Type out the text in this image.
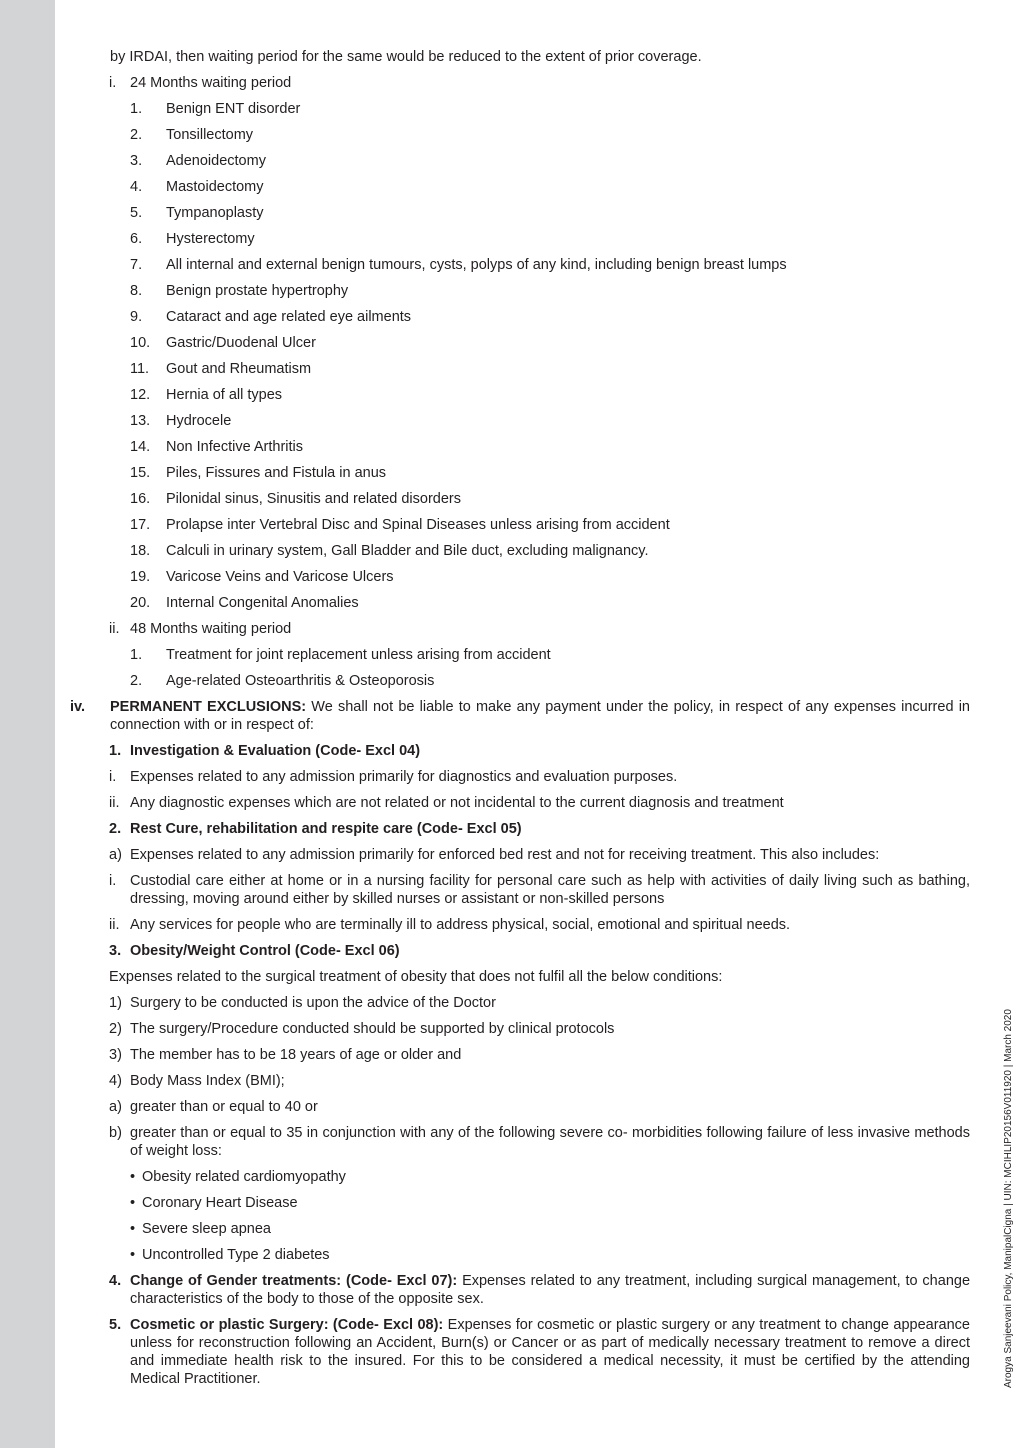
by IRDAI, then waiting period for the same would be reduced to the extent of prior coverage.
i. 24 Months waiting period
1.	Benign ENT disorder
2.	Tonsillectomy
3.	Adenoidectomy
4.	Mastoidectomy
5.	Tympanoplasty
6.	Hysterectomy
7.	All internal and external benign tumours, cysts, polyps of any kind, including benign breast lumps
8.	Benign prostate hypertrophy
9.	Cataract and age related eye ailments
10.	Gastric/Duodenal Ulcer
11.	Gout and Rheumatism
12.	Hernia of all types
13.	Hydrocele
14.	Non Infective Arthritis
15.	Piles, Fissures and Fistula in anus
16.	Pilonidal sinus, Sinusitis and related disorders
17.	Prolapse inter Vertebral Disc and Spinal Diseases unless arising from accident
18.	Calculi in urinary system, Gall Bladder and Bile duct, excluding malignancy.
19.	Varicose Veins and Varicose Ulcers
20.	Internal Congenital Anomalies
ii. 48 Months waiting period
1.	Treatment for joint replacement unless arising from accident
2.	Age-related Osteoarthritis & Osteoporosis
iv.	PERMANENT EXCLUSIONS: We shall not be liable to make any payment under the policy, in respect of any expenses incurred in connection with or in respect of:
1. Investigation & Evaluation (Code- Excl 04)
i. Expenses related to any admission primarily for diagnostics and evaluation purposes.
ii. Any diagnostic expenses which are not related or not incidental to the current diagnosis and treatment
2. Rest Cure, rehabilitation and respite care (Code- Excl 05)
a) Expenses related to any admission primarily for enforced bed rest and not for receiving treatment. This also includes:
i. Custodial care either at home or in a nursing facility for personal care such as help with activities of daily living such as bathing, dressing, moving around either by skilled nurses or assistant or non-skilled persons
ii. Any services for people who are terminally ill to address physical, social, emotional and spiritual needs.
3. Obesity/Weight Control (Code- Excl 06)
Expenses related to the surgical treatment of obesity that does not fulfil all the below conditions:
1) Surgery to be conducted is upon the advice of the Doctor
2) The surgery/Procedure conducted should be supported by clinical protocols
3) The member has to be 18 years of age or older and
4) Body Mass Index (BMI);
a) greater than or equal to 40 or
b) greater than or equal to 35 in conjunction with any of the following severe co- morbidities following failure of less invasive methods of weight loss:
• Obesity related cardiomyopathy
• Coronary Heart Disease
• Severe sleep apnea
• Uncontrolled Type 2 diabetes
4. Change of Gender treatments: (Code- Excl 07): Expenses related to any treatment, including surgical management, to change characteristics of the body to those of the opposite sex.
5. Cosmetic or plastic Surgery: (Code- Excl 08): Expenses for cosmetic or plastic surgery or any treatment to change appearance unless for reconstruction following an Accident, Burn(s) or Cancer or as part of medically necessary treatment to remove a direct and immediate health risk to the insured. For this to be considered a medical necessity, it must be certified by the attending Medical Practitioner.	Arogya Sanjeevani Policy, ManipalCigna | UIN: MCIHLIP20156V011920 | March 2020
